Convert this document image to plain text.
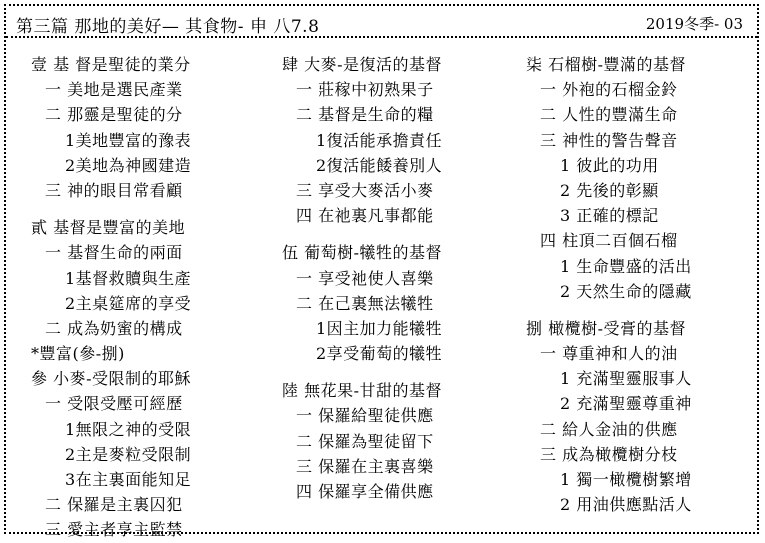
第三篇 那地的美好— 其食物- 申 八7.8	2019冬季- 03
壹 基 督是聖徒的業分
一 美地是選民產業
二 那靈是聖徒的分
1美地豐富的豫表
2美地為神國建造
三 神的眼目常看顧
貳 基督是豐富的美地
一 基督生命的兩面
1基督救贖與生產
2主桌筵席的享受
二 成為奶蜜的構成
*豐富(參-捌)
參 小麥-受限制的耶穌
一 受限受壓可經歷
1無限之神的受限
2主是麥粒受限制
3在主裏面能知足
二 保羅是主裏囚犯
三 愛主者享主監禁
肆 大麥-是復活的基督
一 莊稼中初熟果子
二 基督是生命的糧
1復活能承擔責任
2復活能餧養別人
三 享受大麥活小麥
四 在祂裏凡事都能
伍 葡萄樹-犧牲的基督
一 享受祂使人喜樂
二 在己裏無法犧牲
1因主加力能犧牲
2享受葡萄的犧牲
陸 無花果-甘甜的基督
一 保羅給聖徒供應
二 保羅為聖徒留下
三 保羅在主裏喜樂
四 保羅享全備供應
柒 石榴樹-豐滿的基督
一 外袍的石榴金鈴
二 人性的豐滿生命
三 神性的警告聲音
1 彼此的功用
2 先後的彰顯
3 正確的標記
四 柱頂二百個石榴
1 生命豐盛的活出
2 天然生命的隱藏
捌 橄欖樹-受膏的基督
一 尊重神和人的油
1 充滿聖靈服事人
2 充滿聖靈尊重神
二 給人金油的供應
三 成為橄欖樹分枝
1 獨一橄欖樹繁增
2 用油供應點活人
